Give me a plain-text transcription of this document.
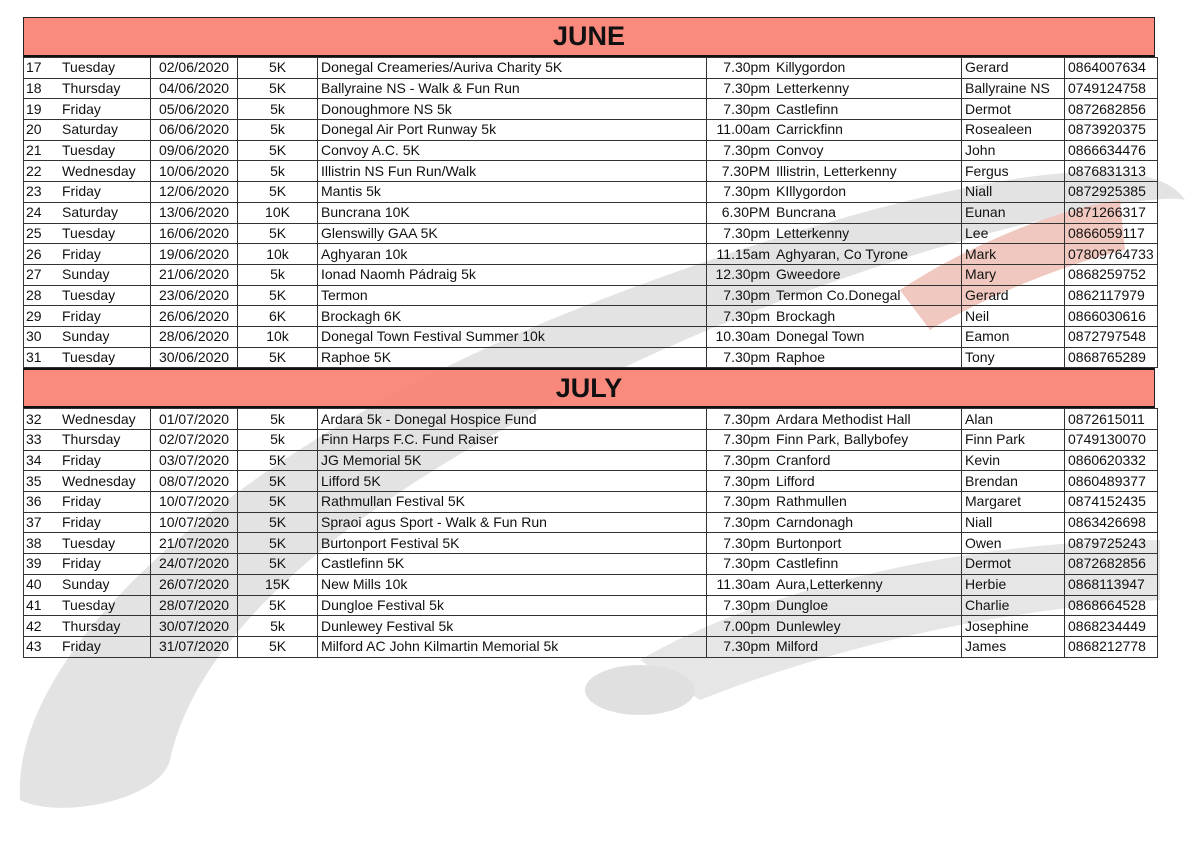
JUNE
17	Tuesday	02/06/2020	5K	Donegal Creameries/Auriva Charity 5K	7.30pm	Killygordon	Gerard	0864007634
18	Thursday	04/06/2020	5K	Ballyraine NS - Walk & Fun Run	7.30pm	Letterkenny	Ballyraine NS	0749124758
19	Friday	05/06/2020	5k	Donoughmore NS 5k	7.30pm	Castlefinn	Dermot	0872682856
20	Saturday	06/06/2020	5k	Donegal Air Port Runway 5k	11.00am	Carrickfinn	Rosealeen	0873920375
21	Tuesday	09/06/2020	5K	Convoy A.C. 5K	7.30pm	Convoy	John	0866634476
22	Wednesday	10/06/2020	5k	Illistrin NS Fun Run/Walk	7.30PM	Illistrin, Letterkenny	Fergus	0876831313
23	Friday	12/06/2020	5K	Mantis 5k	7.30pm	KIllygordon	Niall	0872925385
24	Saturday	13/06/2020	10K	Buncrana 10K	6.30PM	Buncrana	Eunan	0871266317
25	Tuesday	16/06/2020	5K	Glenswilly GAA 5K	7.30pm	Letterkenny	Lee	0866059117
26	Friday	19/06/2020	10k	Aghyaran 10k	11.15am	Aghyaran, Co Tyrone	Mark	07809764733
27	Sunday	21/06/2020	5k	Ionad Naomh Pádraig 5k	12.30pm	Gweedore	Mary	0868259752
28	Tuesday	23/06/2020	5K	Termon	7.30pm	Termon Co.Donegal	Gerard	0862117979
29	Friday	26/06/2020	6K	Brockagh 6K	7.30pm	Brockagh	Neil	0866030616
30	Sunday	28/06/2020	10k	Donegal Town Festival Summer 10k	10.30am	Donegal Town	Eamon	0872797548
31	Tuesday	30/06/2020	5K	Raphoe 5K	7.30pm	Raphoe	Tony	0868765289
JULY
32	Wednesday	01/07/2020	5k	Ardara 5k - Donegal Hospice Fund	7.30pm	Ardara Methodist Hall	Alan	0872615011
33	Thursday	02/07/2020	5k	Finn Harps F.C. Fund Raiser	7.30pm	Finn Park, Ballybofey	Finn Park	0749130070
34	Friday	03/07/2020	5K	JG Memorial 5K	7.30pm	Cranford	Kevin	0860620332
35	Wednesday	08/07/2020	5K	Lifford 5K	7.30pm	Lifford	Brendan	0860489377
36	Friday	10/07/2020	5K	Rathmullan Festival 5K	7.30pm	Rathmullen	Margaret	0874152435
37	Friday	10/07/2020	5K	Spraoi agus Sport - Walk & Fun Run	7.30pm	Carndonagh	Niall	0863426698
38	Tuesday	21/07/2020	5K	Burtonport Festival 5K	7.30pm	Burtonport	Owen	0879725243
39	Friday	24/07/2020	5K	Castlefinn 5K	7.30pm	Castlefinn	Dermot	0872682856
40	Sunday	26/07/2020	15K	New Mills 10k	11.30am	Aura,Letterkenny	Herbie	0868113947
41	Tuesday	28/07/2020	5K	Dungloe Festival 5k	7.30pm	Dungloe	Charlie	0868664528
42	Thursday	30/07/2020	5k	Dunlewey Festival 5k	7.00pm	Dunlewley	Josephine	0868234449
43	Friday	31/07/2020	5K	Milford AC John Kilmartin Memorial 5k	7.30pm	Milford	James	0868212778
